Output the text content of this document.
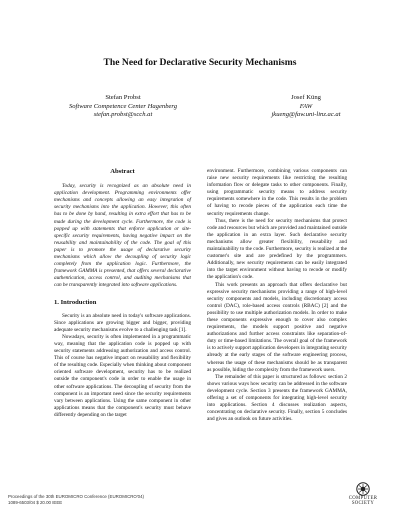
The Need for Declarative Security Mechanisms
Stefan Probst
Software Competence Center Hagenberg
stefan.probst@scch.at
Josef Küng
FAW
jkueng@faw.uni-linz.ac.at

Abstract

Today, security is recognized as an absolute need in application development. Programming environments offer mechanisms and concepts allowing an easy integration of security mechanisms into the application. However, this often has to be done by hand, resulting in extra effort that has to be made during the development cycle. Furthermore, the code is popped up with statements that enforce application or site-specific security requirements, having negative impact on the reusability and maintainability of the code. The goal of this paper is to promote the usage of declarative security mechanisms which allow the decoupling of security logic completely from the application logic. Furthermore, the framework GAMMA is presented, that offers several declarative authentication, access control, and auditing mechanisms that can be transparently integrated into software applications.

1. Introduction

Security is an absolute need in today's software applications. Since applications are growing bigger and bigger, providing adequate security mechanisms evolve to a challenging task [1].

Nowadays, security is often implemented in a programmatic way, meaning that the application code is popped up with security statements addressing authorization and access control. This of course has negative impact on reusability and flexibility of the resulting code. Especially when thinking about component oriented software development, security has to be realized outside the component's code in order to enable the usage in other software applications. The decoupling of security from the component is an important need since the security requirements vary between applications. Using the same component in other applications means that the component's security must behave differently depending on the target

environment. Furthermore, combining various components can raise new security requirements like restricting the resulting information flow or delegate tasks to other components. Finally, using programmatic security means to address security requirements somewhere in the code. This results in the problem of having to recode pieces of the application each time the security requirements change.

Thus, there is the need for security mechanisms that protect code and resources but which are provided and maintained outside the application in an extra layer. Such declarative security mechanisms allow greater flexibility, reusability and maintainability to the code. Furthermore, security is realized at the customer's site and are predefined by the programmers. Additionally, new security requirements can be easily integrated into the target environment without having to recode or modify the application's code.

This work presents an approach that offers declarative but expressive security mechanisms providing a range of high-level security components and models, including discretionary access control (DAC), role-based access controls (RBAC) [2] and the possibility to use multiple authorization models. In order to make these components expressive enough to cover also complex requirements, the models support positive and negative authorizations and further access constraints like separation-of-duty or time-based limitations. The overall goal of the framework is to actively support application developers in integrating security already at the early stages of the software engineering process, whereas the usage of these mechanisms should be as transparent as possible, hiding the complexity from the framework users.

The remainder of this paper is structured as follows: section 2 shows various ways how security can be addressed in the software development cycle. Section 3 presents the framework GAMMA, offering a set of components for integrating high-level security into applications. Section 4 discusses realization aspects, concentrating on declarative security. Finally, section 5 concludes and gives an outlook on future activities.

Proceedings of the 30th EUROMICRO Conference (EUROMICRO'04)
1089-6503/04 $ 20.00 IEEE
COMPUTER
SOCIETY
